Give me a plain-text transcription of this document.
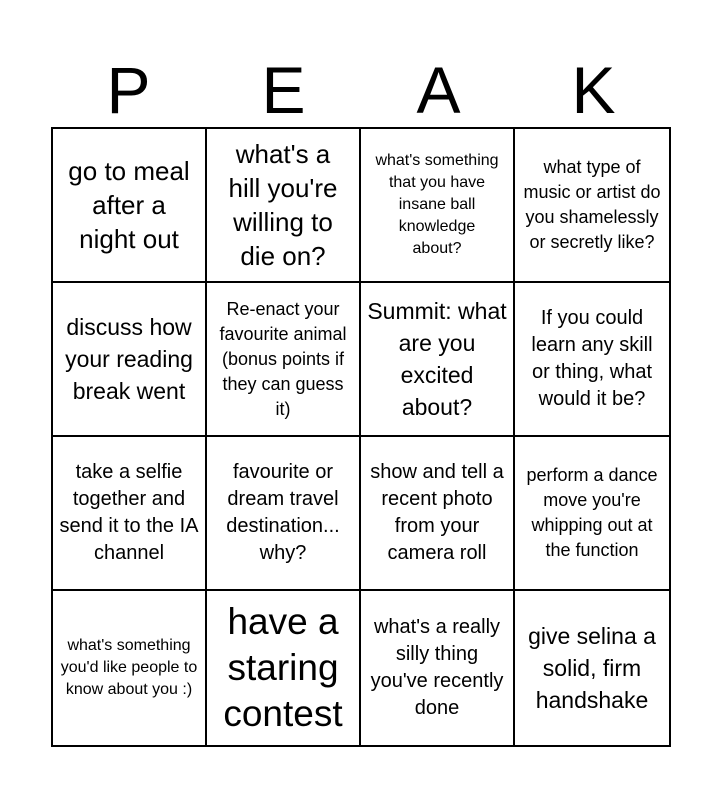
P	E	A	K
go to meal after a night out
what's a hill you're willing to die on?
what's something that you have insane ball knowledge about?
what type of music or artist do you shamelessly or secretly like?
discuss how your reading break went
Re-enact your favourite animal (bonus points if they can guess it)
Summit: what are you excited about?
If you could learn any skill or thing, what would it be?
take a selfie together and send it to the IA channel
favourite or dream travel destination... why?
show and tell a recent photo from your camera roll
perform a dance move you're whipping out at the function
what's something you'd like people to know about you :)
have a staring contest
what's a really silly thing you've recently done
give selina a solid, firm handshake
